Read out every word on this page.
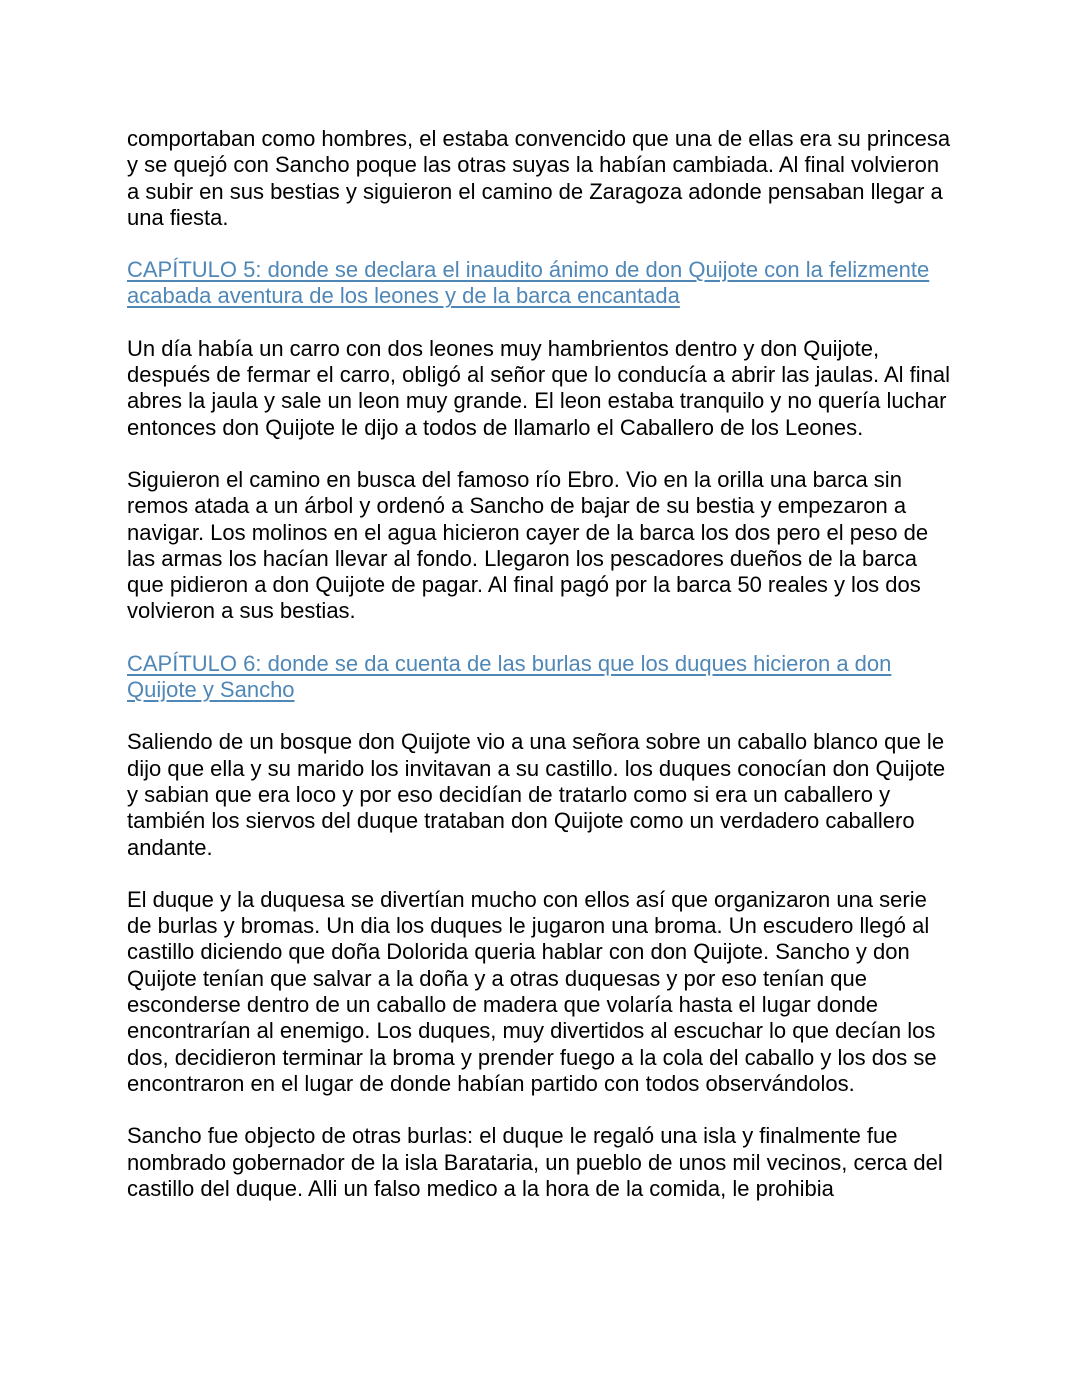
comportaban como hombres, el estaba convencido que una de ellas era su princesa y se quejó con Sancho poque las otras suyas la habían cambiada. Al final volvieron a subir en sus bestias y siguieron el camino de Zaragoza adonde pensaban llegar a una fiesta.

CAPÍTULO 5: donde se declara el inaudito ánimo de don Quijote con la felizmente acabada aventura de los leones y de la barca encantada

Un día había un carro con dos leones muy hambrientos dentro y don Quijote, después de fermar el carro, obligó al señor que lo conducía a abrir las jaulas. Al final abres la jaula y sale un leon muy grande. El leon estaba tranquilo y no quería luchar entonces don Quijote le dijo a todos de llamarlo el Caballero de los Leones.

Siguieron el camino en busca del famoso río Ebro. Vio en la orilla una barca sin remos atada a un árbol y ordenó a Sancho de bajar de su bestia y empezaron a navigar. Los molinos en el agua hicieron cayer de la barca los dos pero el peso de las armas los hacían llevar al fondo. Llegaron los pescadores dueños de la barca que pidieron a don Quijote de pagar. Al final pagó por la barca 50 reales y los dos volvieron a sus bestias.

CAPÍTULO 6: donde se da cuenta de las burlas que los duques hicieron a don Quijote y Sancho

Saliendo de un bosque don Quijote vio a una señora sobre un caballo blanco que le dijo que ella y su marido los invitavan a su castillo. los duques conocían don Quijote y sabian que era loco y por eso decidían de tratarlo como si era un caballero y también los siervos del duque trataban don Quijote como un verdadero caballero andante.

El duque y la duquesa se divertían mucho con ellos así que organizaron una serie de burlas y bromas. Un dia los duques le jugaron una broma. Un escudero llegó al castillo diciendo que doña Dolorida queria hablar con don Quijote. Sancho y don Quijote tenían que salvar a la doña y a otras duquesas y por eso tenían que esconderse dentro de un caballo de madera que volaría hasta el lugar donde encontrarían al enemigo. Los duques, muy divertidos al escuchar lo que decían los dos, decidieron terminar la broma y prender fuego a la cola del caballo y los dos se encontraron en el lugar de donde habían partido con todos observándolos.

Sancho fue objecto de otras burlas: el duque le regaló una isla y finalmente fue nombrado gobernador de la isla Barataria, un pueblo de unos mil vecinos, cerca del castillo del duque. Alli un falso medico a la hora de la comida, le prohibia
